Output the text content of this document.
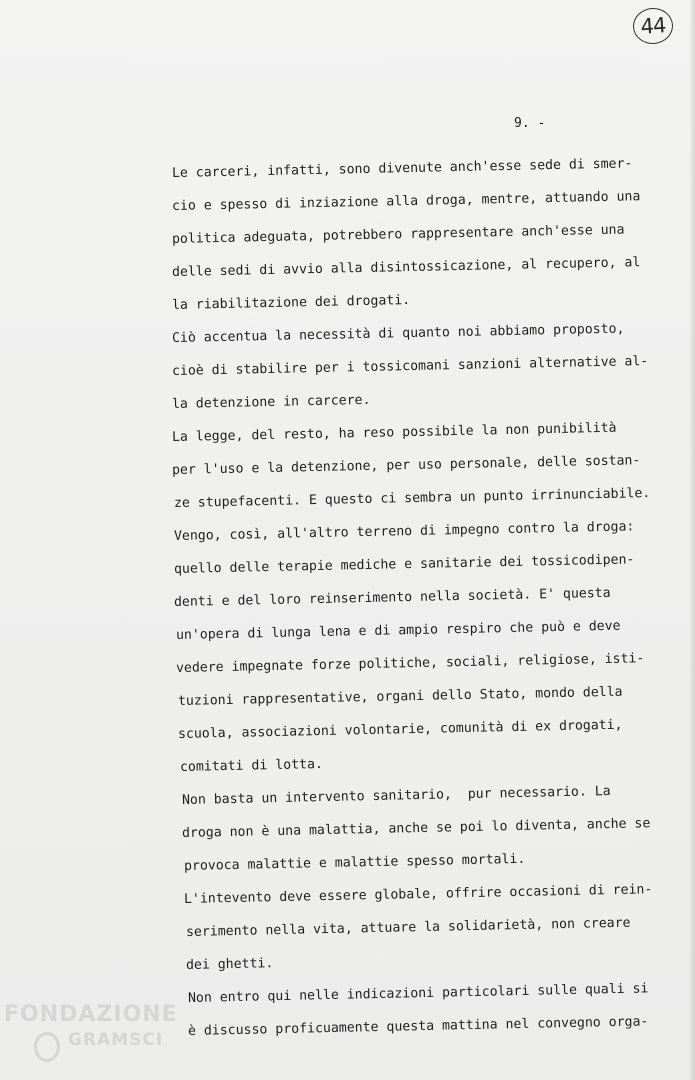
44
9. -
Le carceri, infatti, sono divenute anch'esse sede di smer-
cio e spesso di inziazione alla droga, mentre, attuando una
politica adeguata, potrebbero rappresentare anch'esse una
delle sedi di avvio alla disintossicazione, al recupero, al
la riabilitazione dei drogati.
Ciò accentua la necessità di quanto noi abbiamo proposto,
cioè di stabilire per i tossicomani sanzioni alternative al-
la detenzione in carcere.
La legge, del resto, ha reso possibile la non punibilità
per l'uso e la detenzione, per uso personale, delle sostan-
ze stupefacenti. E questo ci sembra un punto irrinunciabile.
Vengo, così, all'altro terreno di impegno contro la droga:
quello delle terapie mediche e sanitarie dei tossicodipen-
denti e del loro reinserimento nella società. E' questa
un'opera di lunga lena e di ampio respiro che può e deve
vedere impegnate forze politiche, sociali, religiose, isti-
tuzioni rappresentative, organi dello Stato, mondo della
scuola, associazioni volontarie, comunità di ex drogati,
comitati di lotta.
Non basta un intervento sanitario,  pur necessario. La
droga non è una malattia, anche se poi lo diventa, anche se
provoca malattie e malattie spesso mortali.
L'intevento deve essere globale, offrire occasioni di rein-
serimento nella vita, attuare la solidarietà, non creare
dei ghetti.
Non entro qui nelle indicazioni particolari sulle quali si
è discusso proficuamente questa mattina nel convegno orga-
FONDAZIONE
GRAMSCI
